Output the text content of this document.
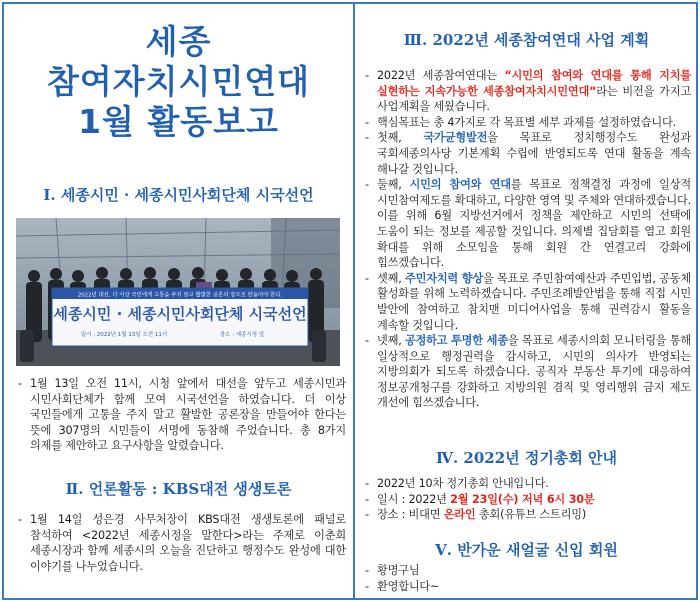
세종
참여자치시민연대
1월 활동보고
Ⅰ. 세종시민 · 세종시민사회단체 시국선언
2022년 대선, 더 이상 국민에게 고통을 주지 말고 활발한 공론의 장으로 만들어야 한다.
세종시민 · 세종시민사회단체 시국선언
일시 : 2022년 1월 13일 오전 11시	장소 : 세종시청 앞
- 1월 13일 오전 11시, 시청 앞에서 대선을 앞두고 세종시민과 시민사회단체가 함께 모여 시국선언을 하였습니다. 더 이상 국민들에게 고통을 주지 말고 활발한 공론장을 만들어야 한다는 뜻에 307명의 시민들이 서명에 동참해 주었습니다. 총 8가지 의제를 제안하고 요구사항을 알렸습니다.
Ⅱ. 언론활동 : KBS대전 생생토론
- 1월 14일 성은경 사무처장이 KBS대전 생생토론에 패널로 참석하여 <2022년 세종시정을 말한다>라는 주제로 이춘희 세종시장과 함께 세종시의 오늘을 진단하고 행정수도 완성에 대한 이야기를 나누었습니다.
Ⅲ. 2022년 세종참여연대 사업 계획
- 2022년 세종참여연대는 “시민의 참여와 연대를 통해 지치를 실현하는 지속가능한 세종참여자치시민연대”라는 비전을 가지고 사업계획을 세웠습니다.
- 핵심목표는 총 4가지로 각 목표별 세부 과제를 설정하였습니다.
- 첫째, 국가균형발전을 목표로 정치행정수도 완성과 국회세종의사당 기본계획 수립에 반영되도록 연대 활동을 계속 해나갈 것입니다.
- 둘째, 시민의 참여와 연대를 목표로 정책결정 과정에 일상적 시민참여제도를 확대하고, 다양한 영역 및 주체와 연대하겠습니다. 이를 위해 6월 지방선거에서 정책을 제안하고 시민의 선택에 도움이 되는 정보를 제공할 것입니다. 의제별 집담회를 열고 회원 확대를 위해 소모임을 통해 회원 간 연결고리 강화에 힘쓰겠습니다.
- 셋째, 주민자치력 향상을 목표로 주민참여예산과 주민입법, 공동체 활성화를 위해 노력하겠습니다. 주민조례발안법을 통해 직접 시민 발안에 참여하고 참치맨 미디어사업을 통해 권력감시 활동을 계속할 것입니다.
- 넷째, 공정하고 투명한 세종을 목표로 세종시의회 모니터링을 통해 일상적으로 행정권력을 감시하고, 시민의 의사가 반영되는 지방의회가 되도록 하겠습니다. 공직자 부동산 투기에 대응하여 정보공개청구를 강화하고 지방의원 겸직 및 영리행위 금지 제도 개선에 힘쓰겠습니다.
Ⅳ. 2022년 정기총회 안내
- 2022년 10차 정기총회 안내입니다.
- 일시 : 2022년 2월 23일(수) 저녁 6시 30분
- 장소 : 비대면 온라인 총회(유튜브 스트리밍)
Ⅴ. 반가운 새얼굴 신입 회원
- 황명구님
- 환영합니다~
